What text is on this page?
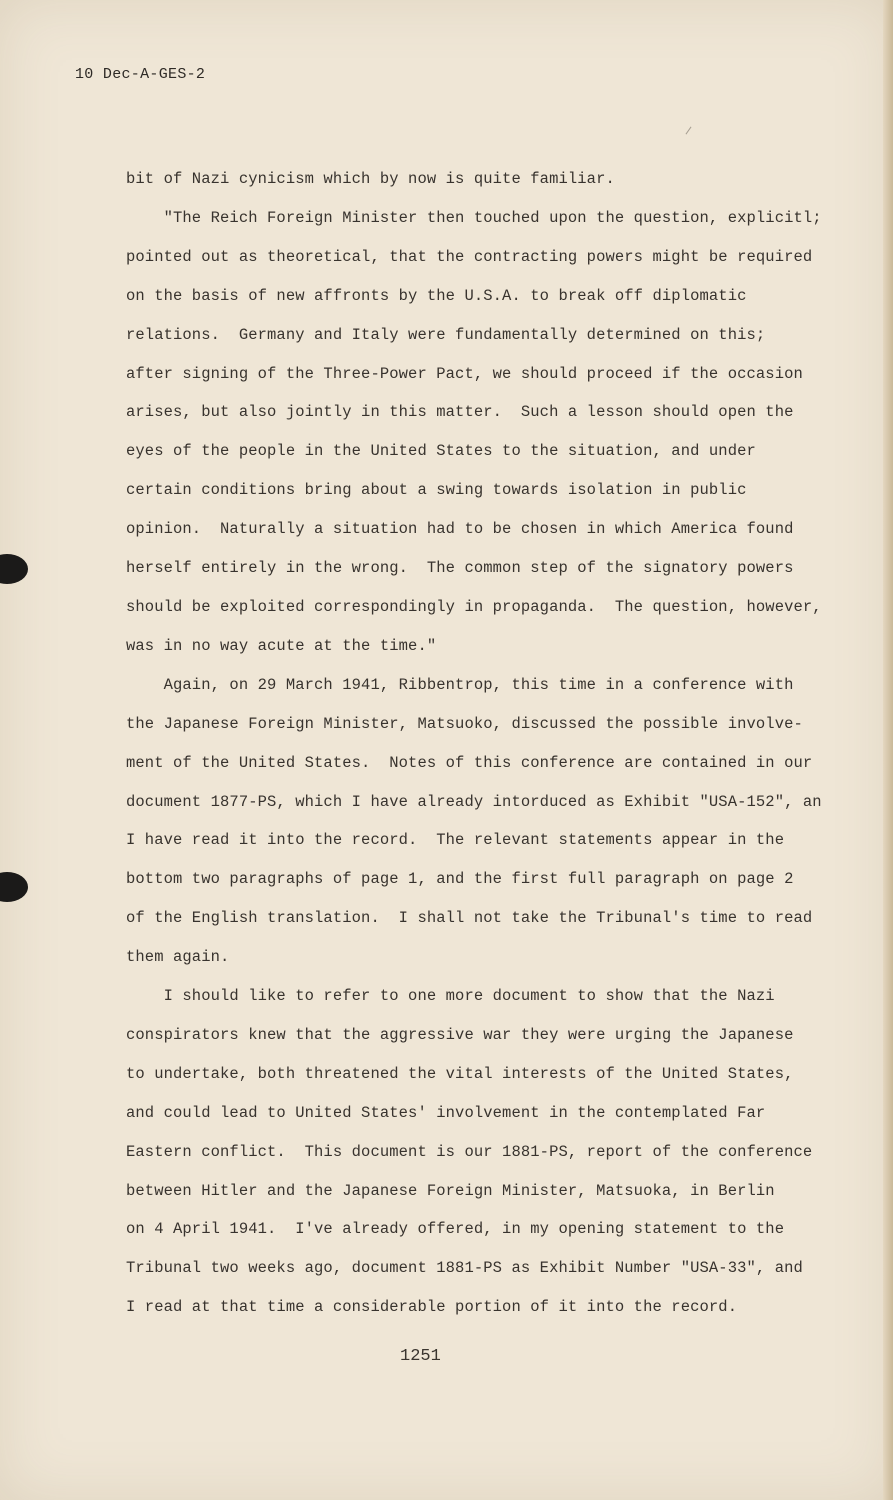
10 Dec-A-GES-2

bit of Nazi cynicism which by now is quite familiar.

"The Reich Foreign Minister then touched upon the question, explicitl;

pointed out as theoretical, that the contracting powers might be required

on the basis of new affronts by the U.S.A. to break off diplomatic

relations.  Germany and Italy were fundamentally determined on this;

after signing of the Three-Power Pact, we should proceed if the occasion

arises, but also jointly in this matter.  Such a lesson should open the

eyes of the people in the United States to the situation, and under

certain conditions bring about a swing towards isolation in public

opinion.  Naturally a situation had to be chosen in which America found

herself entirely in the wrong.  The common step of the signatory powers

should be exploited correspondingly in propaganda.  The question, however,

was in no way acute at the time."

Again, on 29 March 1941, Ribbentrop, this time in a conference with

the Japanese Foreign Minister, Matsuoko, discussed the possible involve-

ment of the United States.  Notes of this conference are contained in our

document 1877-PS, which I have already intorduced as Exhibit "USA-152", an

I have read it into the record.  The relevant statements appear in the

bottom two paragraphs of page 1, and the first full paragraph on page 2

of the English translation.  I shall not take the Tribunal's time to read

them again.

I should like to refer to one more document to show that the Nazi

conspirators knew that the aggressive war they were urging the Japanese

to undertake, both threatened the vital interests of the United States,

and could lead to United States' involvement in the contemplated Far

Eastern conflict.  This document is our 1881-PS, report of the conference

between Hitler and the Japanese Foreign Minister, Matsuoka, in Berlin

on 4 April 1941.  I've already offered, in my opening statement to the

Tribunal two weeks ago, document 1881-PS as Exhibit Number "USA-33", and

I read at that time a considerable portion of it into the record.

1251
